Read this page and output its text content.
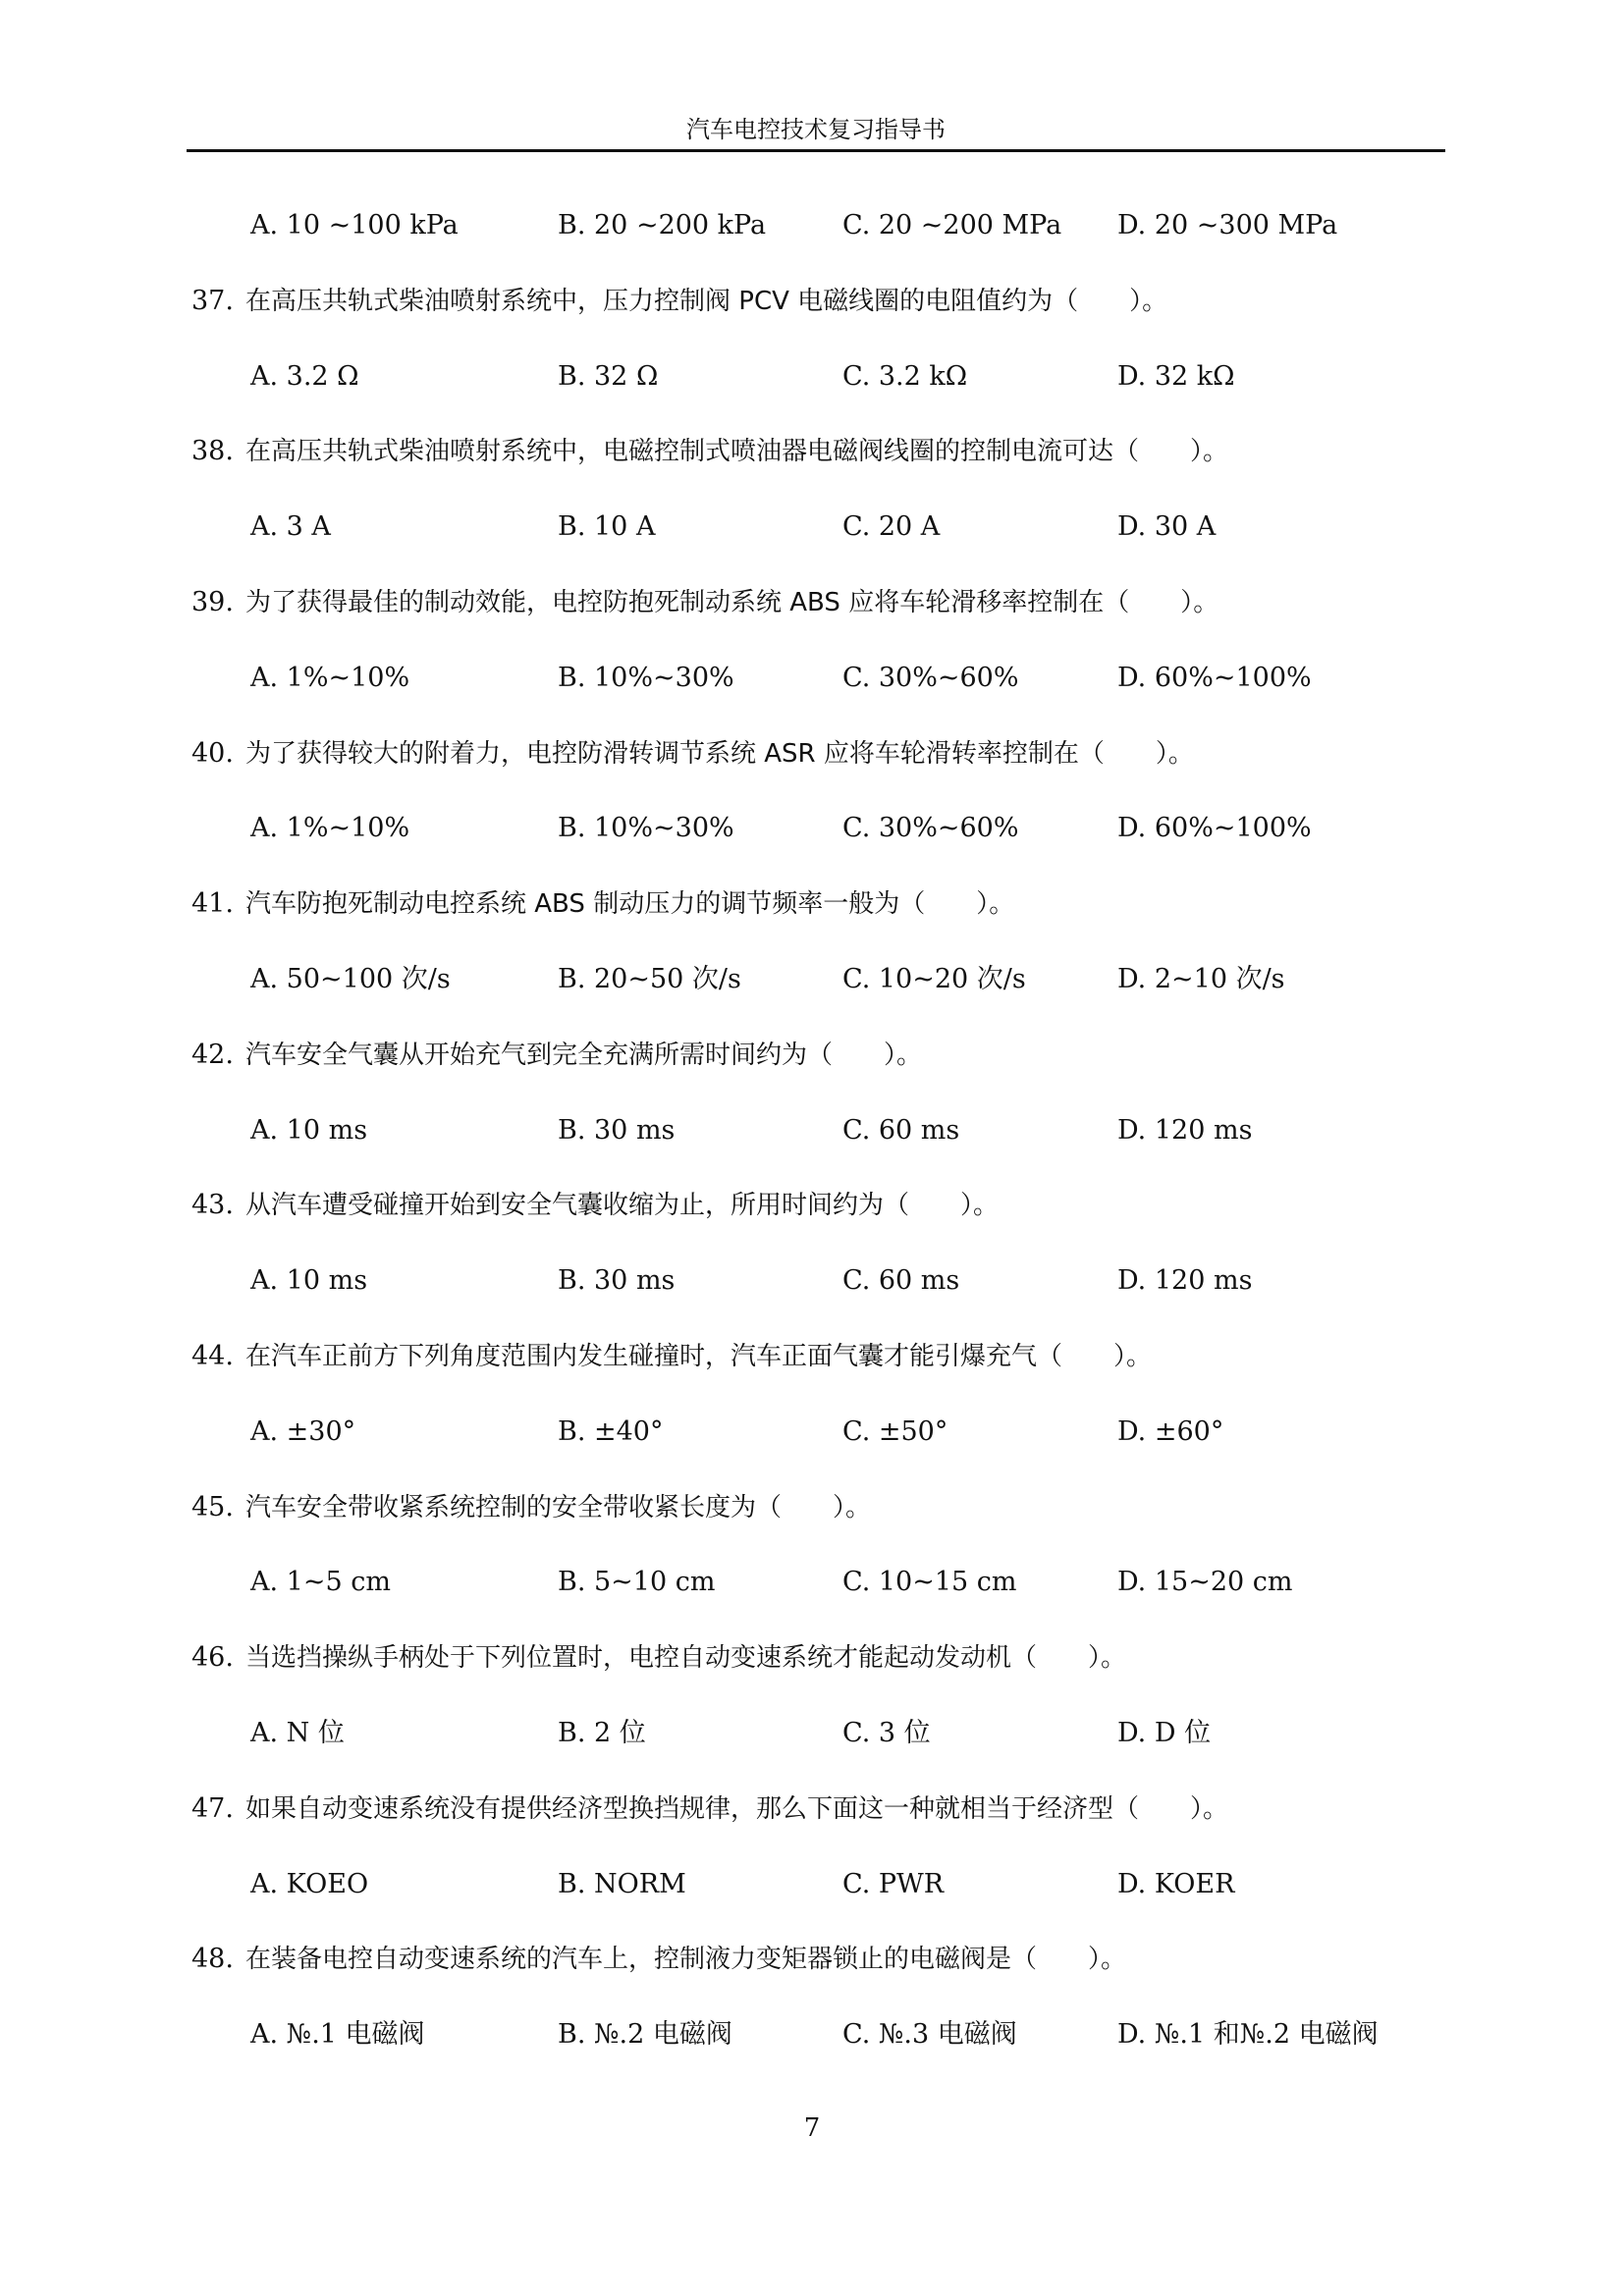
汽车电控技术复习指导书
A. 10 ~100 kPa	B. 20 ~200 kPa	C. 20 ~200 MPa D. 20 ~300 MPa
37. 在高压共轨式柴油喷射系统中，压力控制阀 PCV 电磁线圈的电阻值约为（　　）。
A. 3.2 Ω	B. 32 Ω	C. 3.2 kΩ	D. 32 kΩ
38. 在高压共轨式柴油喷射系统中，电磁控制式喷油器电磁阀线圈的控制电流可达（　　）。
A. 3 A	B. 10 A	C. 20 A	D. 30 A
39. 为了获得最佳的制动效能，电控防抱死制动系统 ABS 应将车轮滑移率控制在（　　）。
A. 1%~10%	B. 10%~30%	C. 30%~60%	D. 60%~100%
40. 为了获得较大的附着力，电控防滑转调节系统 ASR 应将车轮滑转率控制在（　　）。
A. 1%~10%	B. 10%~30%	C. 30%~60%	D. 60%~100%
41. 汽车防抱死制动电控系统 ABS 制动压力的调节频率一般为（　　）。
A. 50~100 次/s	B. 20~50 次/s	C. 10~20 次/s	D. 2~10 次/s
42. 汽车安全气囊从开始充气到完全充满所需时间约为（　　）。
A. 10 ms	B. 30 ms	C. 60 ms	D. 120 ms
43. 从汽车遭受碰撞开始到安全气囊收缩为止，所用时间约为（　　）。
A. 10 ms	B. 30 ms	C. 60 ms	D. 120 ms
44. 在汽车正前方下列角度范围内发生碰撞时，汽车正面气囊才能引爆充气（　　）。
A. ±30°	B. ±40°	C. ±50°	D. ±60°
45. 汽车安全带收紧系统控制的安全带收紧长度为（　　）。
A. 1~5 cm	B. 5~10 cm	C. 10~15 cm	D. 15~20 cm
46. 当选挡操纵手柄处于下列位置时，电控自动变速系统才能起动发动机（　　）。
A. N 位	B. 2 位	C. 3 位	D. D 位
47. 如果自动变速系统没有提供经济型换挡规律，那么下面这一种就相当于经济型（　　）。
A. KOEO	B. NORM	C. PWR	D. KOER
48. 在装备电控自动变速系统的汽车上，控制液力变矩器锁止的电磁阀是（　　）。
A. №.1 电磁阀	B. №.2 电磁阀	C. №.3 电磁阀	D. №.1 和№.2 电磁阀
7
